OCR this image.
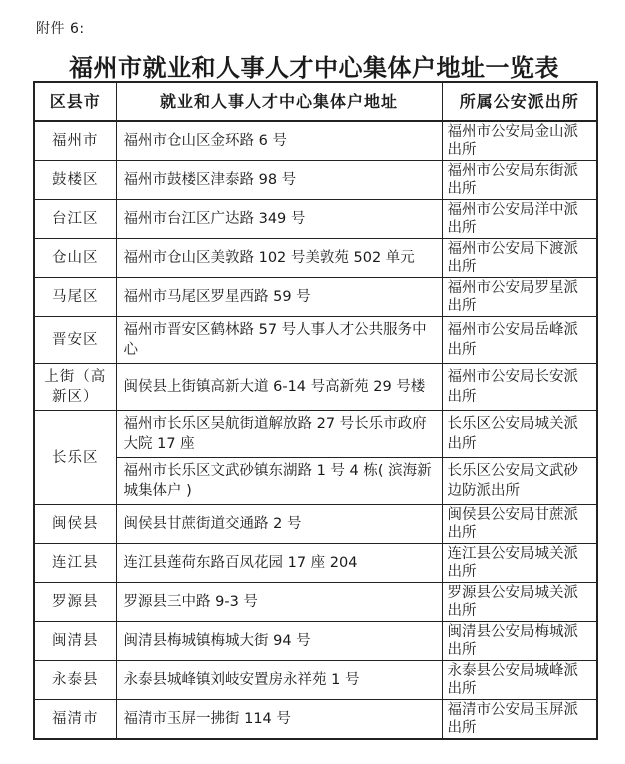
附件 6:
福州市就业和人事人才中心集体户地址一览表
区县市	就业和人事人才中心集体户地址	所属公安派出所
福州市	福州市仓山区金环路 6 号	福州市公安局金山派出所
鼓楼区	福州市鼓楼区津泰路 98 号	福州市公安局东街派出所
台江区	福州市台江区广达路 349 号	福州市公安局洋中派出所
仓山区	福州市仓山区美敦路 102 号美敦苑 502 单元	福州市公安局下渡派出所
马尾区	福州市马尾区罗星西路 59 号	福州市公安局罗星派出所
晋安区	福州市晋安区鹤林路 57 号人事人才公共服务中心	福州市公安局岳峰派出所
上街（高新区）	闽侯县上街镇高新大道 6-14 号高新苑 29 号楼	福州市公安局长安派出所
长乐区	福州市长乐区吴航街道解放路 27 号长乐市政府大院 17 座	长乐区公安局城关派出所
	福州市长乐区文武砂镇东湖路 1 号 4 栋( 滨海新城集体户 )	长乐区公安局文武砂边防派出所
闽侯县	闽侯县甘蔗街道交通路 2 号	闽侯县公安局甘蔗派出所
连江县	连江县莲荷东路百凤花园 17 座 204	连江县公安局城关派出所
罗源县	罗源县三中路 9-3 号	罗源县公安局城关派出所
闽清县	闽清县梅城镇梅城大街 94 号	闽清县公安局梅城派出所
永泰县	永泰县城峰镇刘岐安置房永祥苑 1 号	永泰县公安局城峰派出所
福清市	福清市玉屏一拂街 114 号	福清市公安局玉屏派出所
